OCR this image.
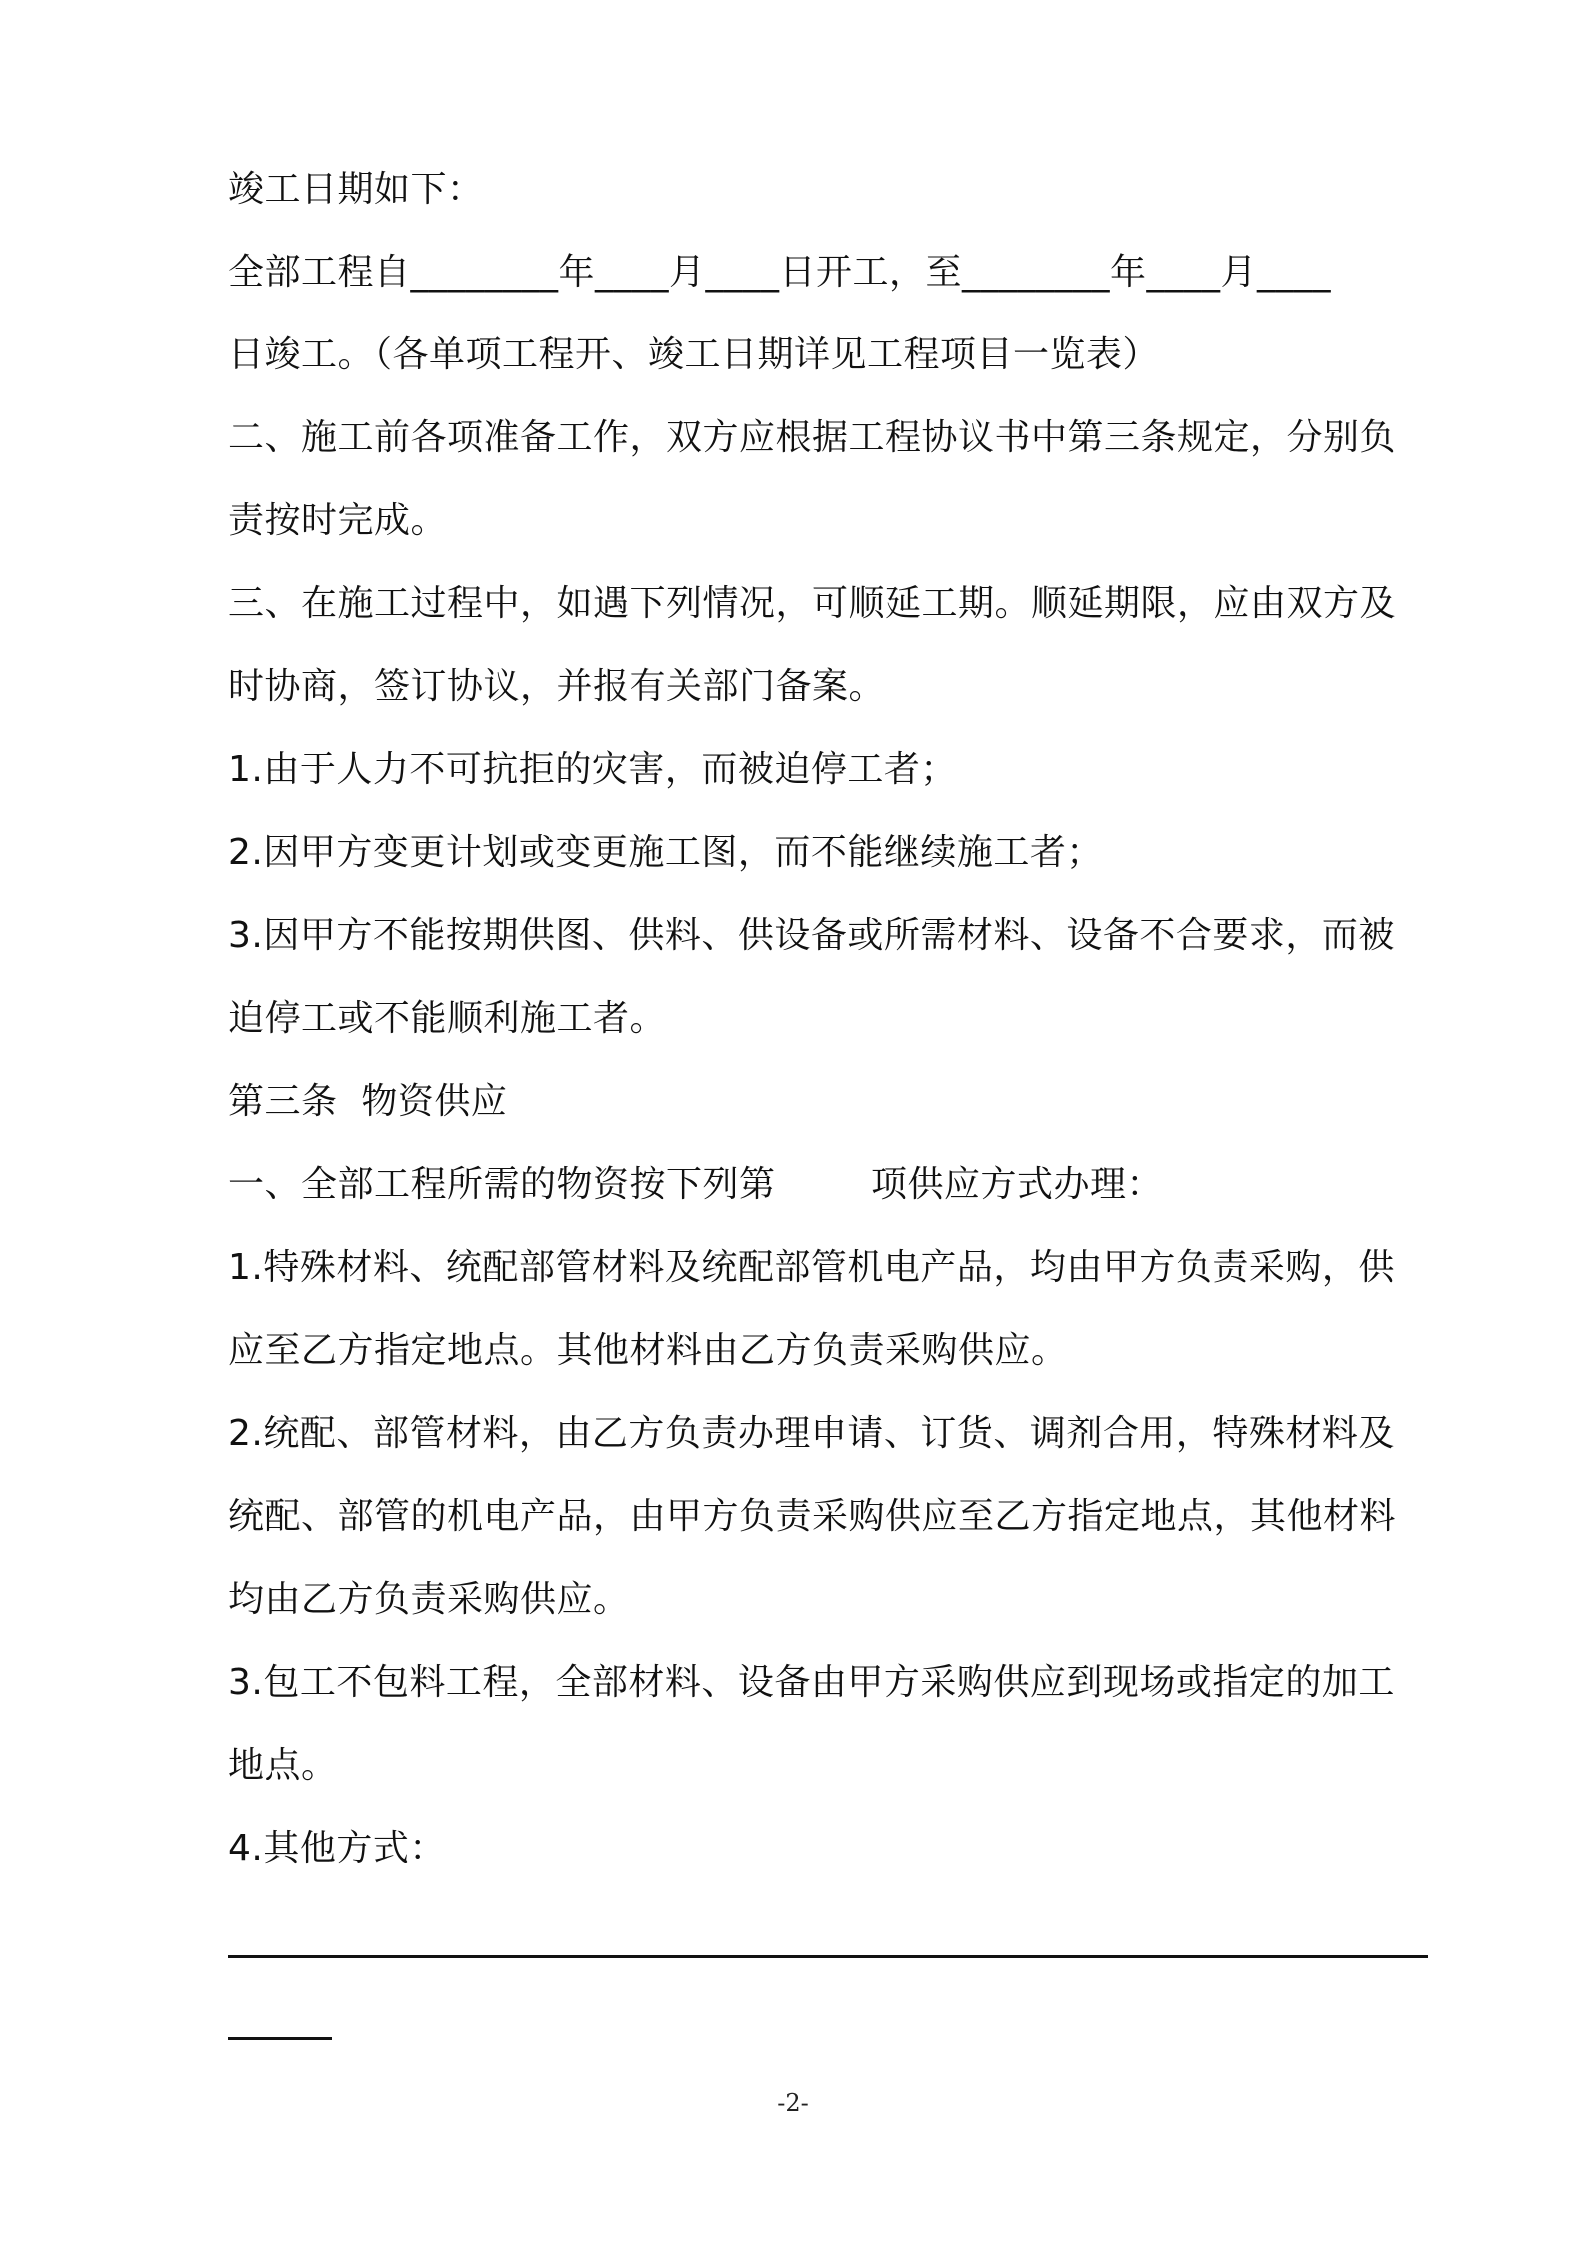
竣工日期如下：
全部工程自________年____月____日开工，至________年____月____
日竣工。（各单项工程开、竣工日期详见工程项目一览表）
二、施工前各项准备工作，双方应根据工程协议书中第三条规定，分别负
责按时完成。
三、在施工过程中，如遇下列情况，可顺延工期。顺延期限，应由双方及
时协商，签订协议，并报有关部门备案。
1.由于人力不可抗拒的灾害，而被迫停工者；
2.因甲方变更计划或变更施工图，而不能继续施工者；
3.因甲方不能按期供图、供料、供设备或所需材料、设备不合要求，而被
迫停工或不能顺利施工者。
第三条  物资供应
一、全部工程所需的物资按下列第        项供应方式办理：
1.特殊材料、统配部管材料及统配部管机电产品，均由甲方负责采购，供
应至乙方指定地点。其他材料由乙方负责采购供应。
2.统配、部管材料，由乙方负责办理申请、订货、调剂合用，特殊材料及
统配、部管的机电产品，由甲方负责采购供应至乙方指定地点，其他材料
均由乙方负责采购供应。
3.包工不包料工程，全部材料、设备由甲方采购供应到现场或指定的加工
地点。
4.其他方式：
-2-
